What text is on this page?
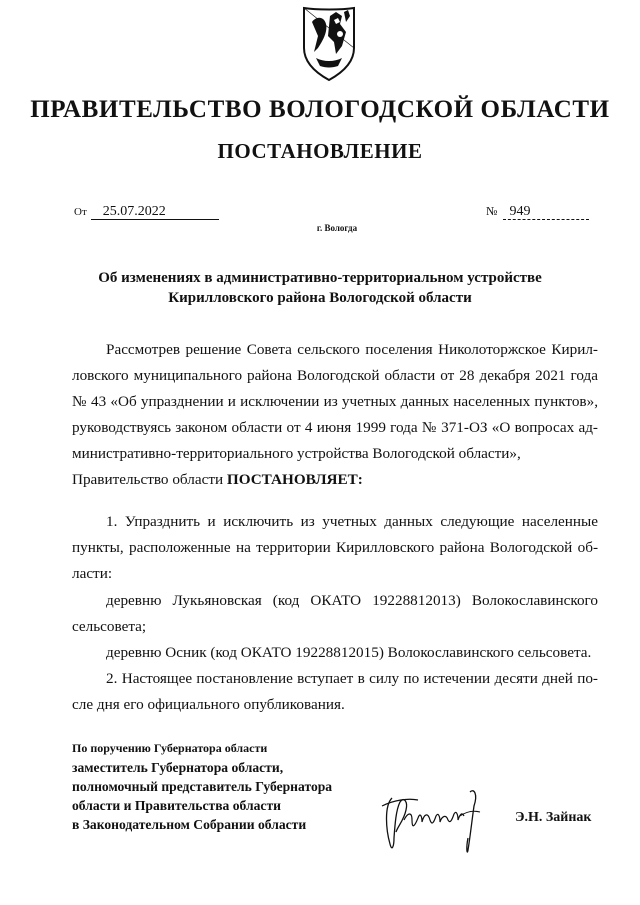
ПРАВИТЕЛЬСТВО ВОЛОГОДСКОЙ ОБЛАСТИ
ПОСТАНОВЛЕНИЕ
От 25.07.2022	№ 949
г. Вологда
Об изменениях в административно-территориальном устройстве
Кирилловского района Вологодской области
Рассмотрев решение Совета сельского поселения Николоторжское Кирил-
ловского муниципального района Вологодской области от 28 декабря 2021 года
№ 43 «Об упразднении и исключении из учетных данных населенных пунктов»,
руководствуясь законом области от 4 июня 1999 года № 371-ОЗ «О вопросах ад-
министративно-территориального устройства Вологодской области»,
Правительство области ПОСТАНОВЛЯЕТ:
1. Упразднить и исключить из учетных данных следующие населенные
пункты, расположенные на территории Кирилловского района Вологодской об-
ласти:
деревню Лукьяновская (код ОКАТО 19228812013) Волокославинского
сельсовета;
деревню Осник (код ОКАТО 19228812015) Волокославинского сельсовета.
2. Настоящее постановление вступает в силу по истечении десяти дней по-
сле дня его официального опубликования.
По поручению Губернатора области
заместитель Губернатора области,
полномочный представитель Губернатора
области и Правительства области
в Законодательном Собрании области	Э.Н. Зайнак
